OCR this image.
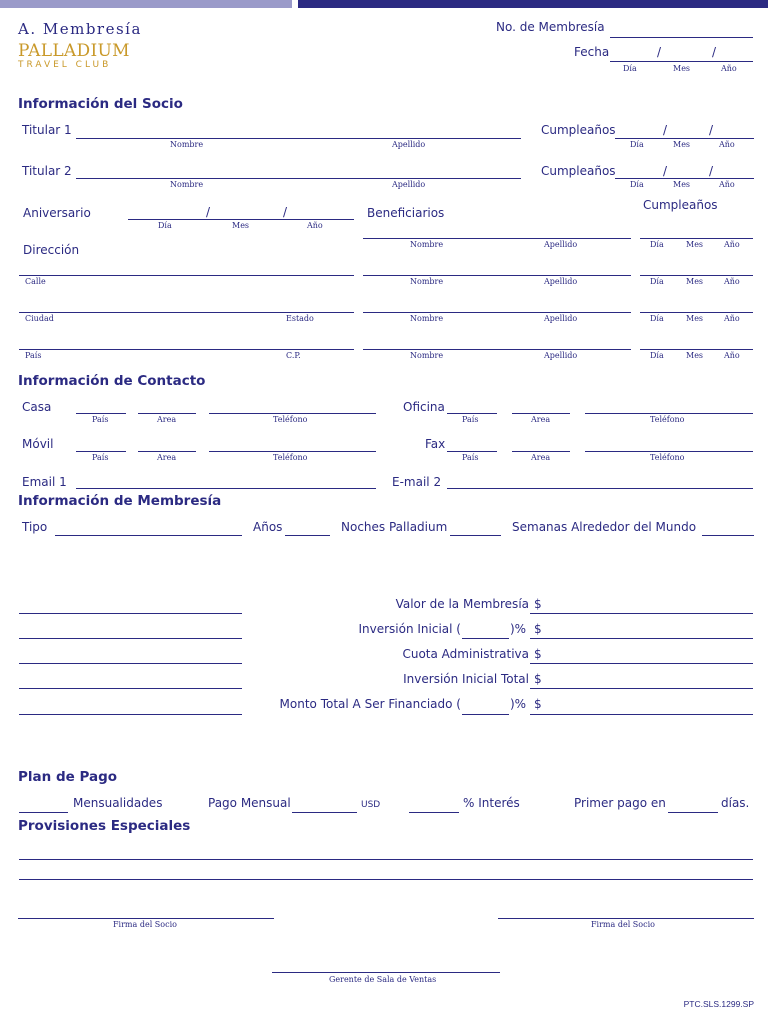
A. Membresía
PALLADIUM
TRAVEL CLUB
No. de Membresía
Fecha	/	/
Día	Mes	Año
Información del Socio
Titular 1
Nombre	Apellido
Cumpleaños	/	/
Día	Mes	Año
Titular 2
Nombre	Apellido
Cumpleaños	/	/
Día	Mes	Año
Aniversario	/	/
Día	Mes	Año
Beneficiarios
Cumpleaños
Dirección
Calle
Ciudad	Estado
País	C.P.
Nombre	Apellido	Día	Mes	Año
Nombre	Apellido	Día	Mes	Año
Nombre	Apellido	Día	Mes	Año
Nombre	Apellido	Día	Mes	Año
Información de Contacto
Casa
País	Area	Teléfono
Oficina
País	Area	Teléfono
Móvil
País	Area	Teléfono
Fax
País	Area	Teléfono
Email 1	E-mail 2
Información de Membresía
Tipo	Años	Noches Palladium	Semanas Alrededor del Mundo
Valor de la Membresía $
Inversión Inicial (	)% $
Cuota Administrativa $
Inversión Inicial Total $
Monto Total A Ser Financiado (	)% $
Plan de Pago
Mensualidades	Pago Mensual	USD	% Interés	Primer pago en	días.
Provisiones Especiales
Firma del Socio	Firma del Socio
Gerente de Sala de Ventas
PTC.SLS.1299.SP
